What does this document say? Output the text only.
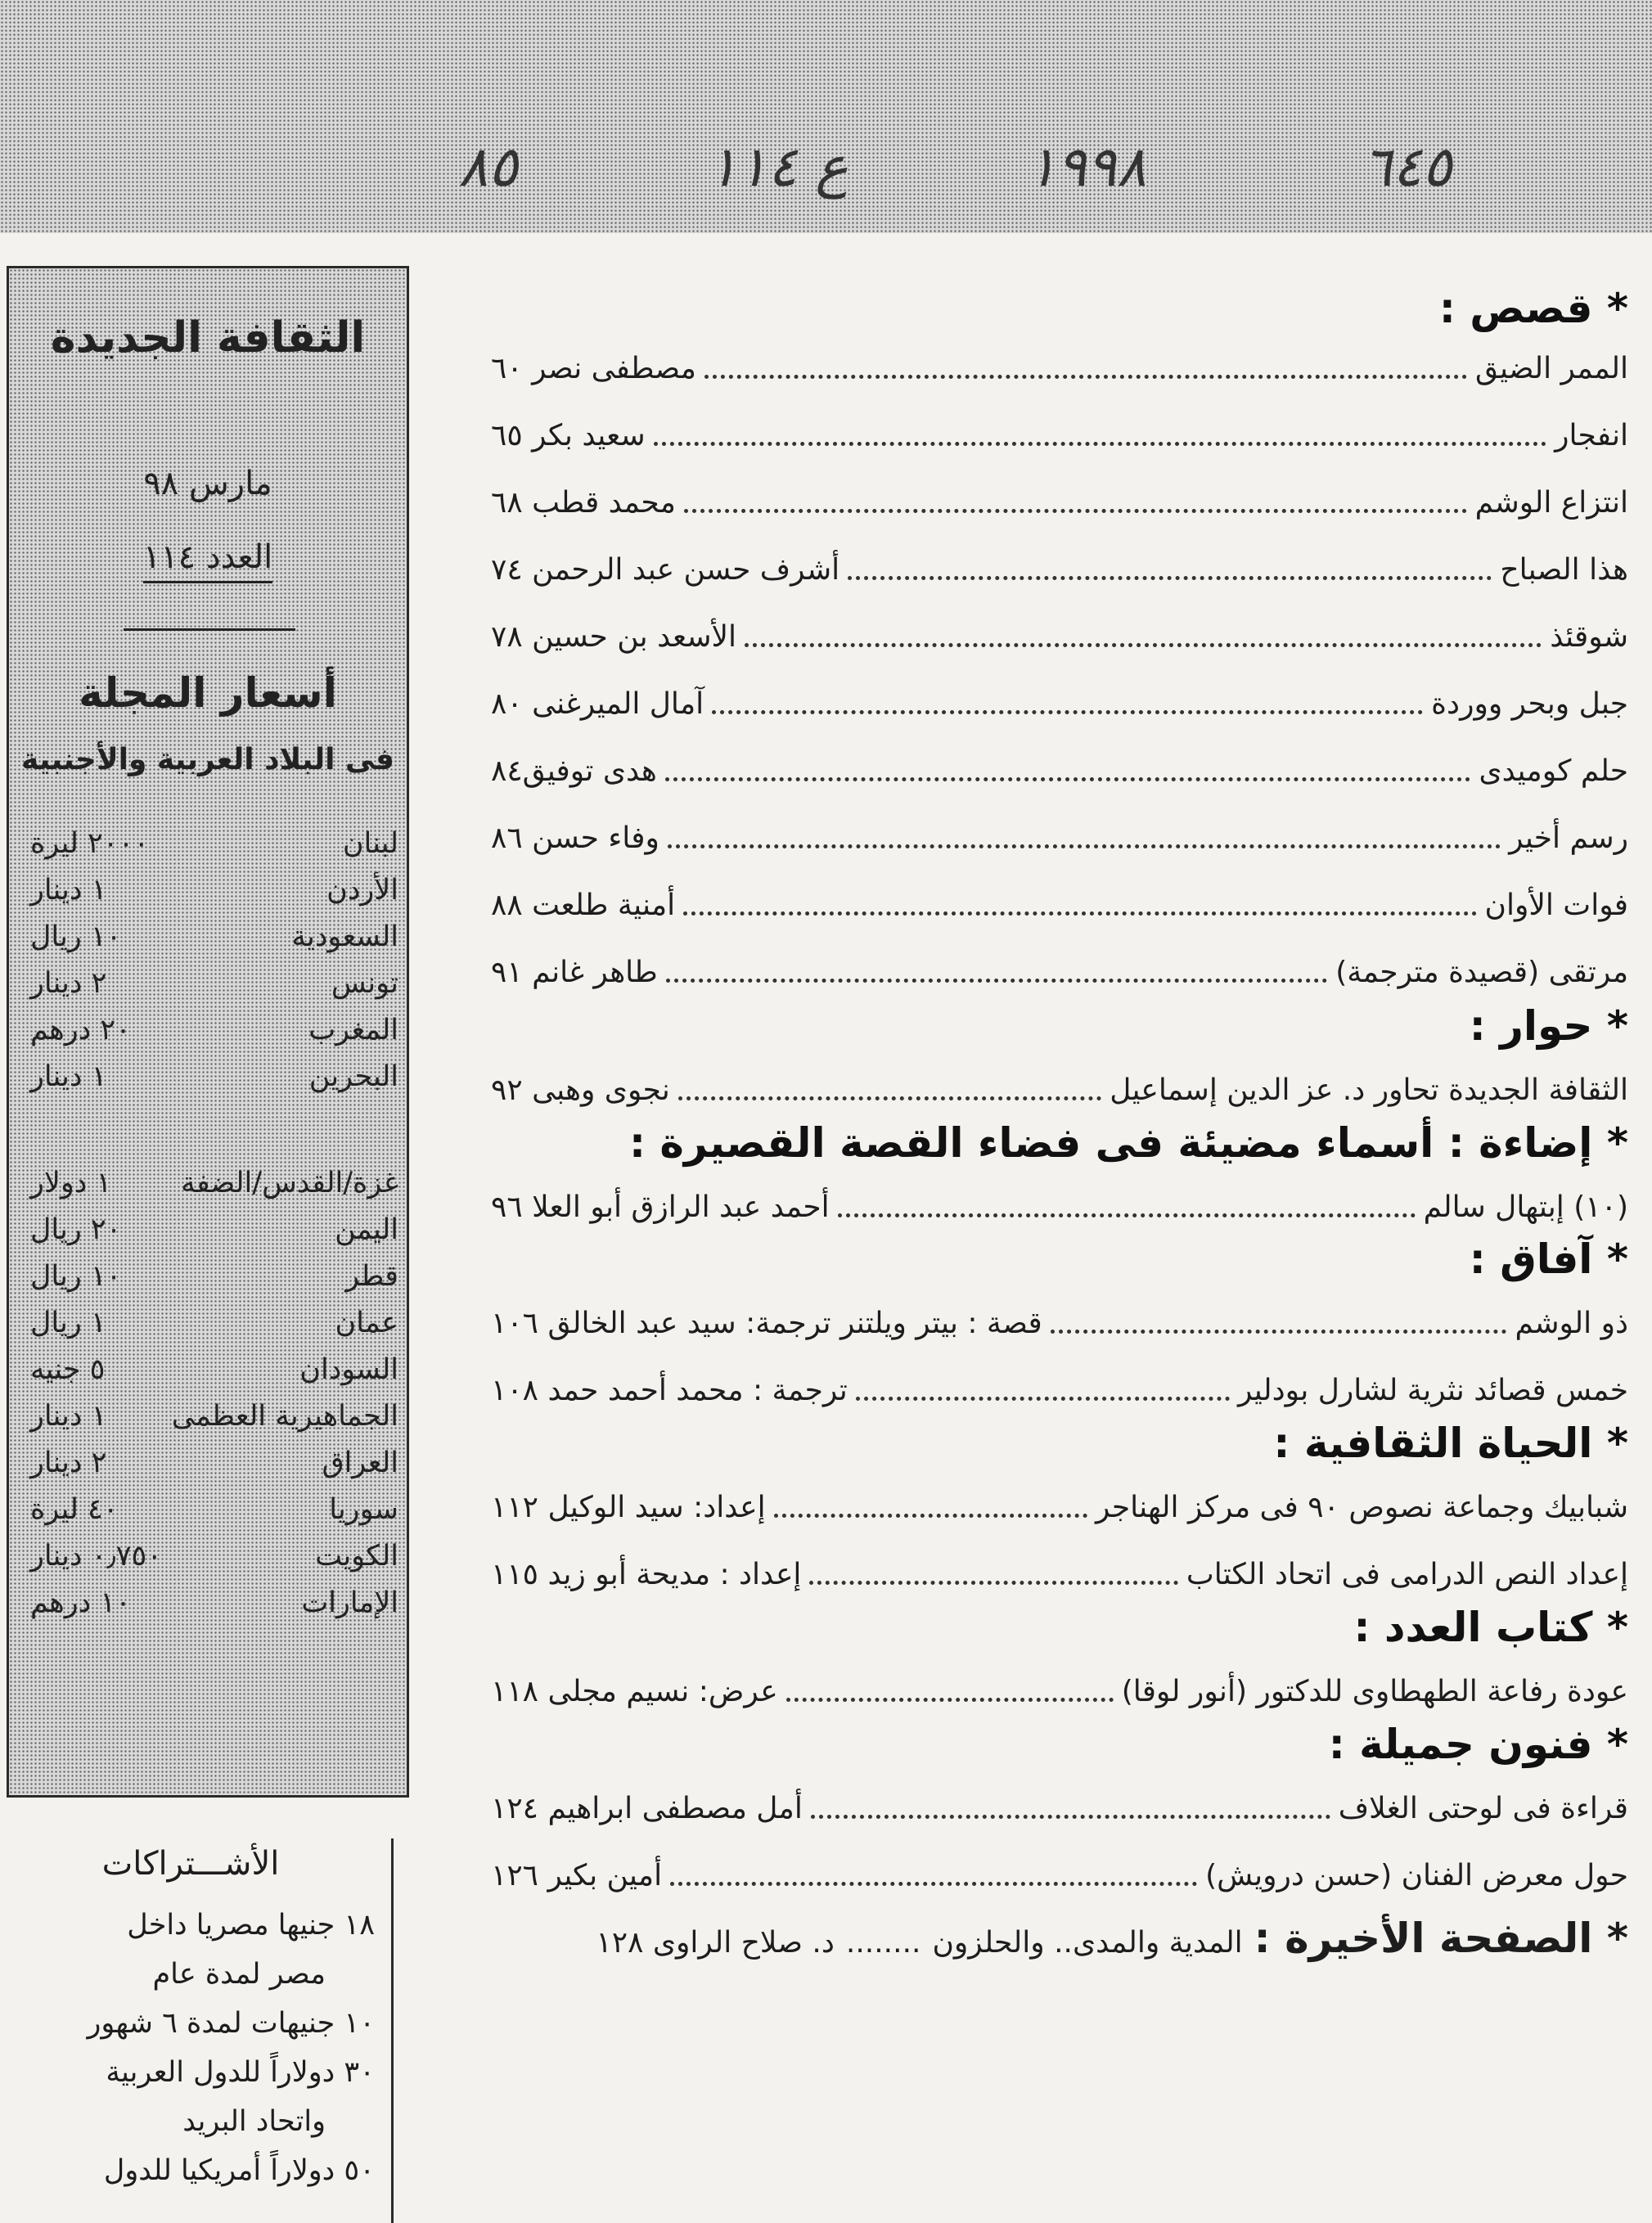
٦٤٥
١٩٩٨
ع ١١٤
٨٥
الثقافة الجديدة
مارس ٩٨
العدد ١١٤
أسعار المجلة
فى البلاد العربية والأجنبية
لبنان
٢٠٠٠ ليرة
الأردن
١ دينار
السعودية
١٠ ريال
تونس
٢ دينار
المغرب
٢٠ درهم
البحرين
١ دينار
غزة/القدس/الضفة
١ دولار
اليمن
٢٠ ريال
قطر
١٠ ريال
عمان
١ ريال
السودان
٥ جنيه
الجماهيرية العظمى
١ دينار
العراق
٢ دينار
سوريا
٤٠ ليرة
الكويت
٠٫٧٥٠ دينار
الإمارات
١٠ درهم
الأشـــتراكات
١٨ جنيها مصريا داخل
مصر لمدة عام
١٠ جنيهات لمدة ٦ شهور
٣٠ دولاراً للدول العربية
واتحاد البريد
٥٠ دولاراً أمريكيا للدول
* قصص :
الممر الضيق
مصطفى نصر ٦٠
انفجار
سعيد بكر ٦٥
انتزاع الوشم
محمد قطب ٦٨
هذا الصباح
أشرف حسن عبد الرحمن ٧٤
شوقئذ
الأسعد بن حسين ٧٨
جبل وبحر ووردة
آمال الميرغنى ٨٠
حلم كوميدى
هدى توفيق٨٤
رسم أخير
وفاء حسن ٨٦
فوات الأوان
أمنية طلعت ٨٨
مرتقى (قصيدة مترجمة)
طاهر غانم ٩١
* حوار :
الثقافة الجديدة تحاور د. عز الدين إسماعيل
نجوى وهبى ٩٢
* إضاءة : أسماء مضيئة فى فضاء القصة القصيرة :
(١٠) إبتهال سالم
أحمد عبد الرازق أبو العلا ٩٦
* آفاق :
ذو الوشم
قصة : بيتر ويلتنر ترجمة: سيد عبد الخالق ١٠٦
خمس قصائد نثرية لشارل بودلير
ترجمة : محمد أحمد حمد ١٠٨
* الحياة الثقافية :
شبابيك وجماعة نصوص ٩٠ فى مركز الهناجر
إعداد: سيد الوكيل ١١٢
إعداد النص الدرامى فى اتحاد الكتاب
إعداد : مديحة أبو زيد ١١٥
* كتاب العدد :
عودة رفاعة الطهطاوى للدكتور (أنور لوقا)
عرض: نسيم مجلى ١١٨
* فنون جميلة :
قراءة فى لوحتى الغلاف
أمل مصطفى ابراهيم ١٢٤
حول معرض الفنان (حسن درويش)
أمين بكير ١٢٦
* الصفحة الأخيرة : المدية والمدى.. والحلزون ........ د. صلاح الراوى ١٢٨
